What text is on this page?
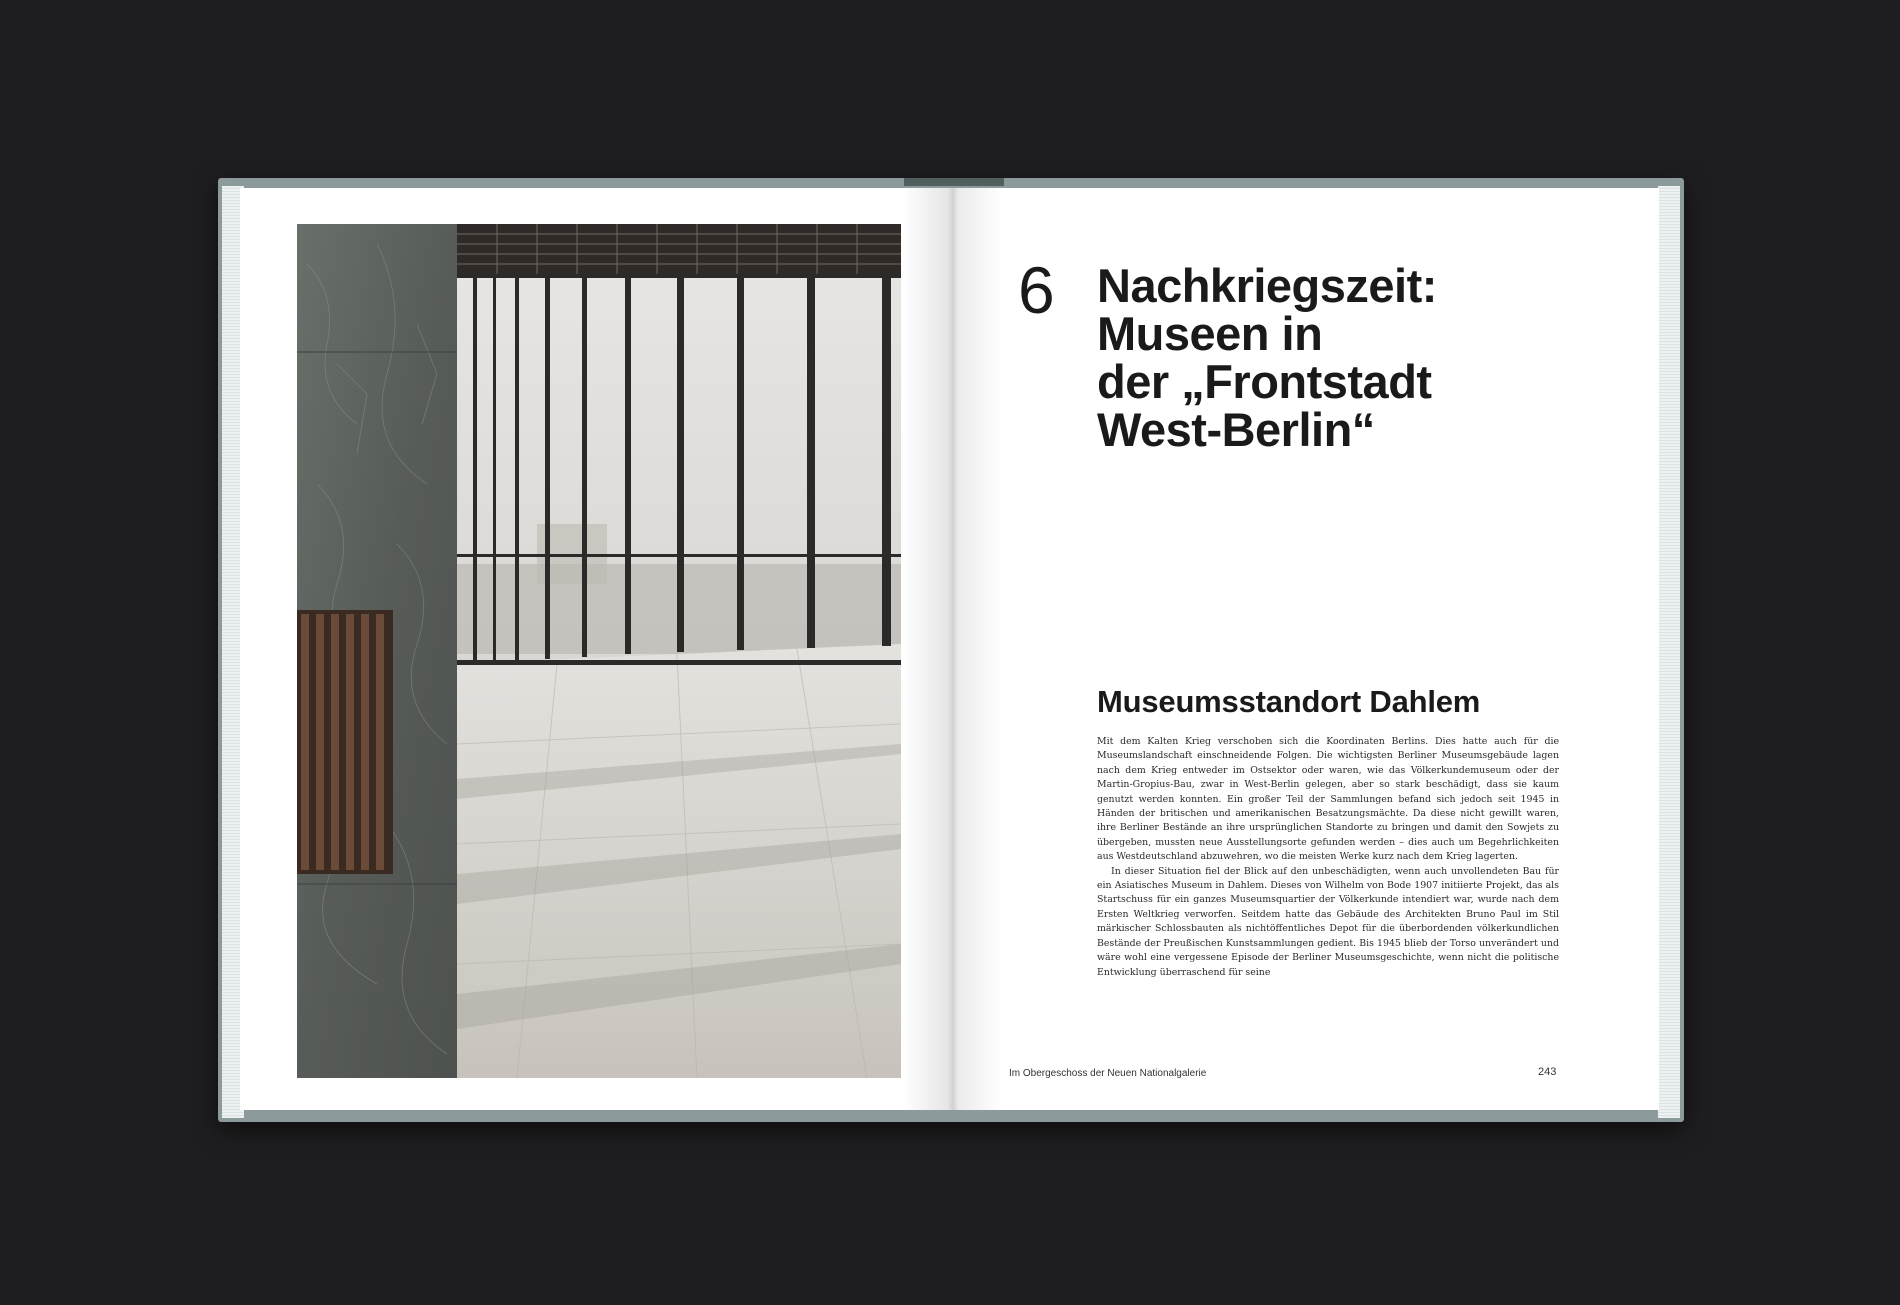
6 Nachkriegszeit:
Museen in
der „Frontstadt
West-Berlin“
Museumsstandort Dahlem

Mit dem Kalten Krieg verschoben sich die Koordinaten Berlins. Dies hatte auch für die Museumslandschaft einschneidende Folgen. Die wichtigsten Berliner Museumsgebäude lagen nach dem Krieg entweder im Ostsektor oder waren, wie das Völkerkundemuseum oder der Martin-Gropius-Bau, zwar in West-Berlin gelegen, aber so stark beschädigt, dass sie kaum genutzt werden konnten. Ein großer Teil der Sammlungen befand sich jedoch seit 1945 in Händen der britischen und amerikanischen Besatzungsmächte. Da diese nicht gewillt waren, ihre Berliner Bestände an ihre ursprünglichen Standorte zu bringen und damit den Sowjets zu übergeben, mussten neue Ausstellungsorte gefunden werden – dies auch um Begehrlichkeiten aus Westdeutschland abzuwehren, wo die meisten Werke kurz nach dem Krieg lagerten.

In dieser Situation fiel der Blick auf den unbeschädigten, wenn auch unvollendeten Bau für ein Asiatisches Museum in Dahlem. Dieses von Wilhelm von Bode 1907 initiierte Projekt, das als Startschuss für ein ganzes Museumsquartier der Völkerkunde intendiert war, wurde nach dem Ersten Weltkrieg verworfen. Seitdem hatte das Gebäude des Architekten Bruno Paul im Stil märkischer Schlossbauten als nichtöffentliches Depot für die überbordenden völkerkundlichen Bestände der Preußischen Kunstsammlungen gedient. Bis 1945 blieb der Torso unverändert und wäre wohl eine vergessene Episode der Berliner Museumsgeschichte, wenn nicht die politische Entwicklung überraschend für seine

Im Obergeschoss der Neuen Nationalgalerie	243
